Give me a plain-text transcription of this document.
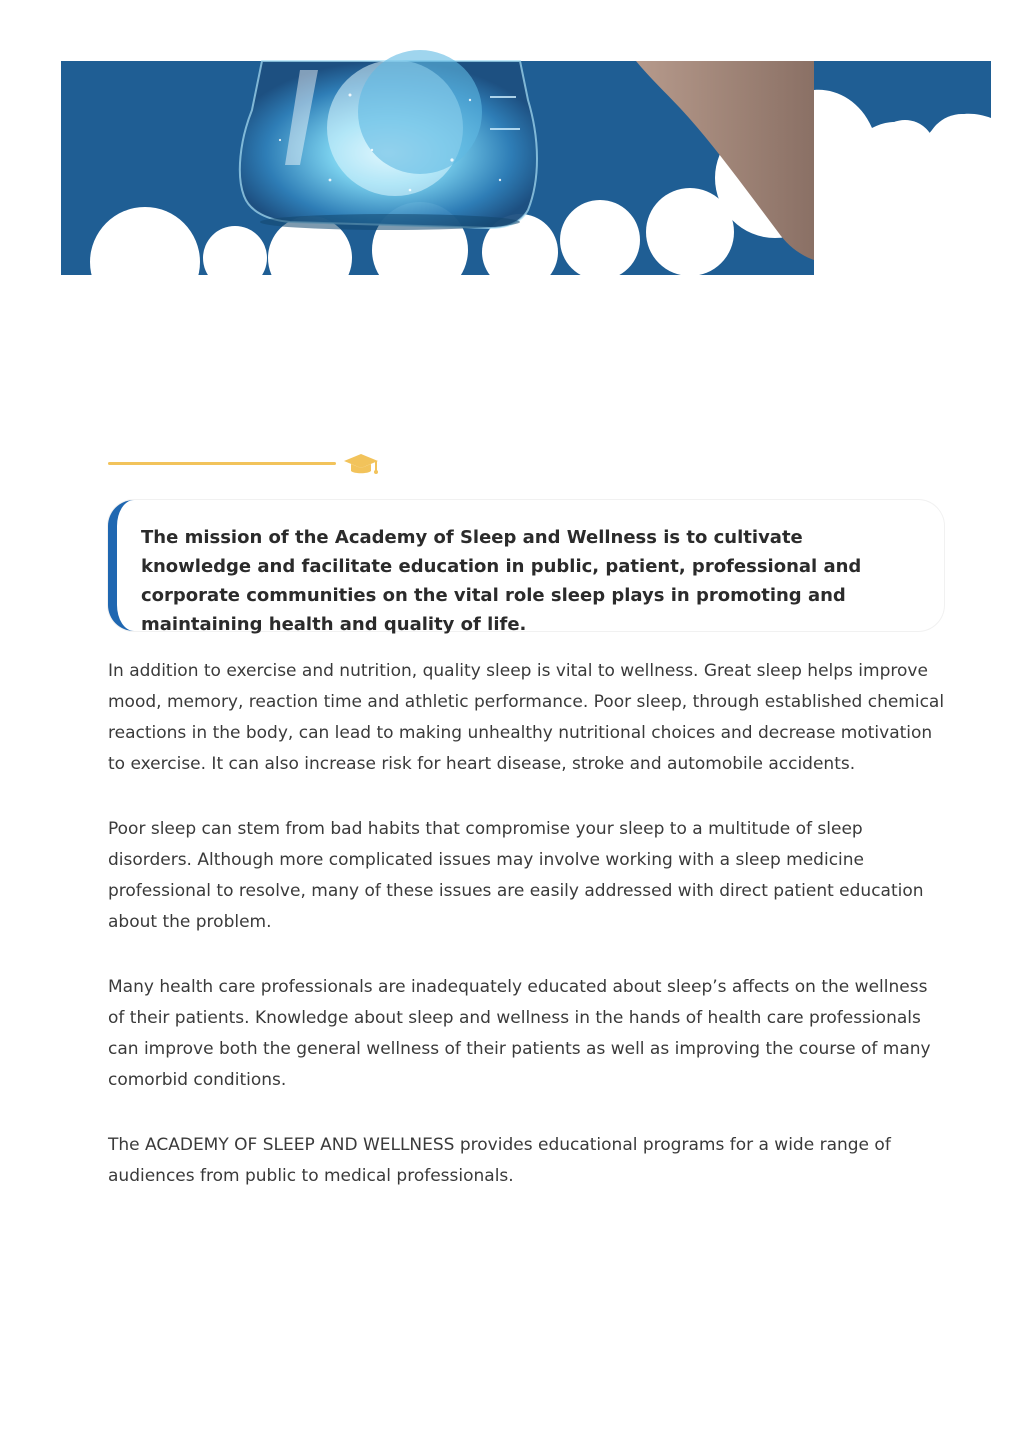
The mission of the Academy of Sleep and Wellness is to cultivate knowledge and facilitate education in public, patient, professional and corporate communities on the vital role sleep plays in promoting and maintaining health and quality of life.

In addition to exercise and nutrition, quality sleep is vital to wellness. Great sleep helps improve mood, memory, reaction time and athletic performance. Poor sleep, through established chemical reactions in the body, can lead to making unhealthy nutritional choices and decrease motivation to exercise. It can also increase risk for heart disease, stroke and automobile accidents.

Poor sleep can stem from bad habits that compromise your sleep to a multitude of sleep disorders. Although more complicated issues may involve working with a sleep medicine professional to resolve, many of these issues are easily addressed with direct patient education about the problem.

Many health care professionals are inadequately educated about sleep’s affects on the wellness of their patients. Knowledge about sleep and wellness in the hands of health care professionals can improve both the general wellness of their patients as well as improving the course of many comorbid conditions.

The ACADEMY OF SLEEP AND WELLNESS provides educational programs for a wide range of audiences from public to medical professionals.
